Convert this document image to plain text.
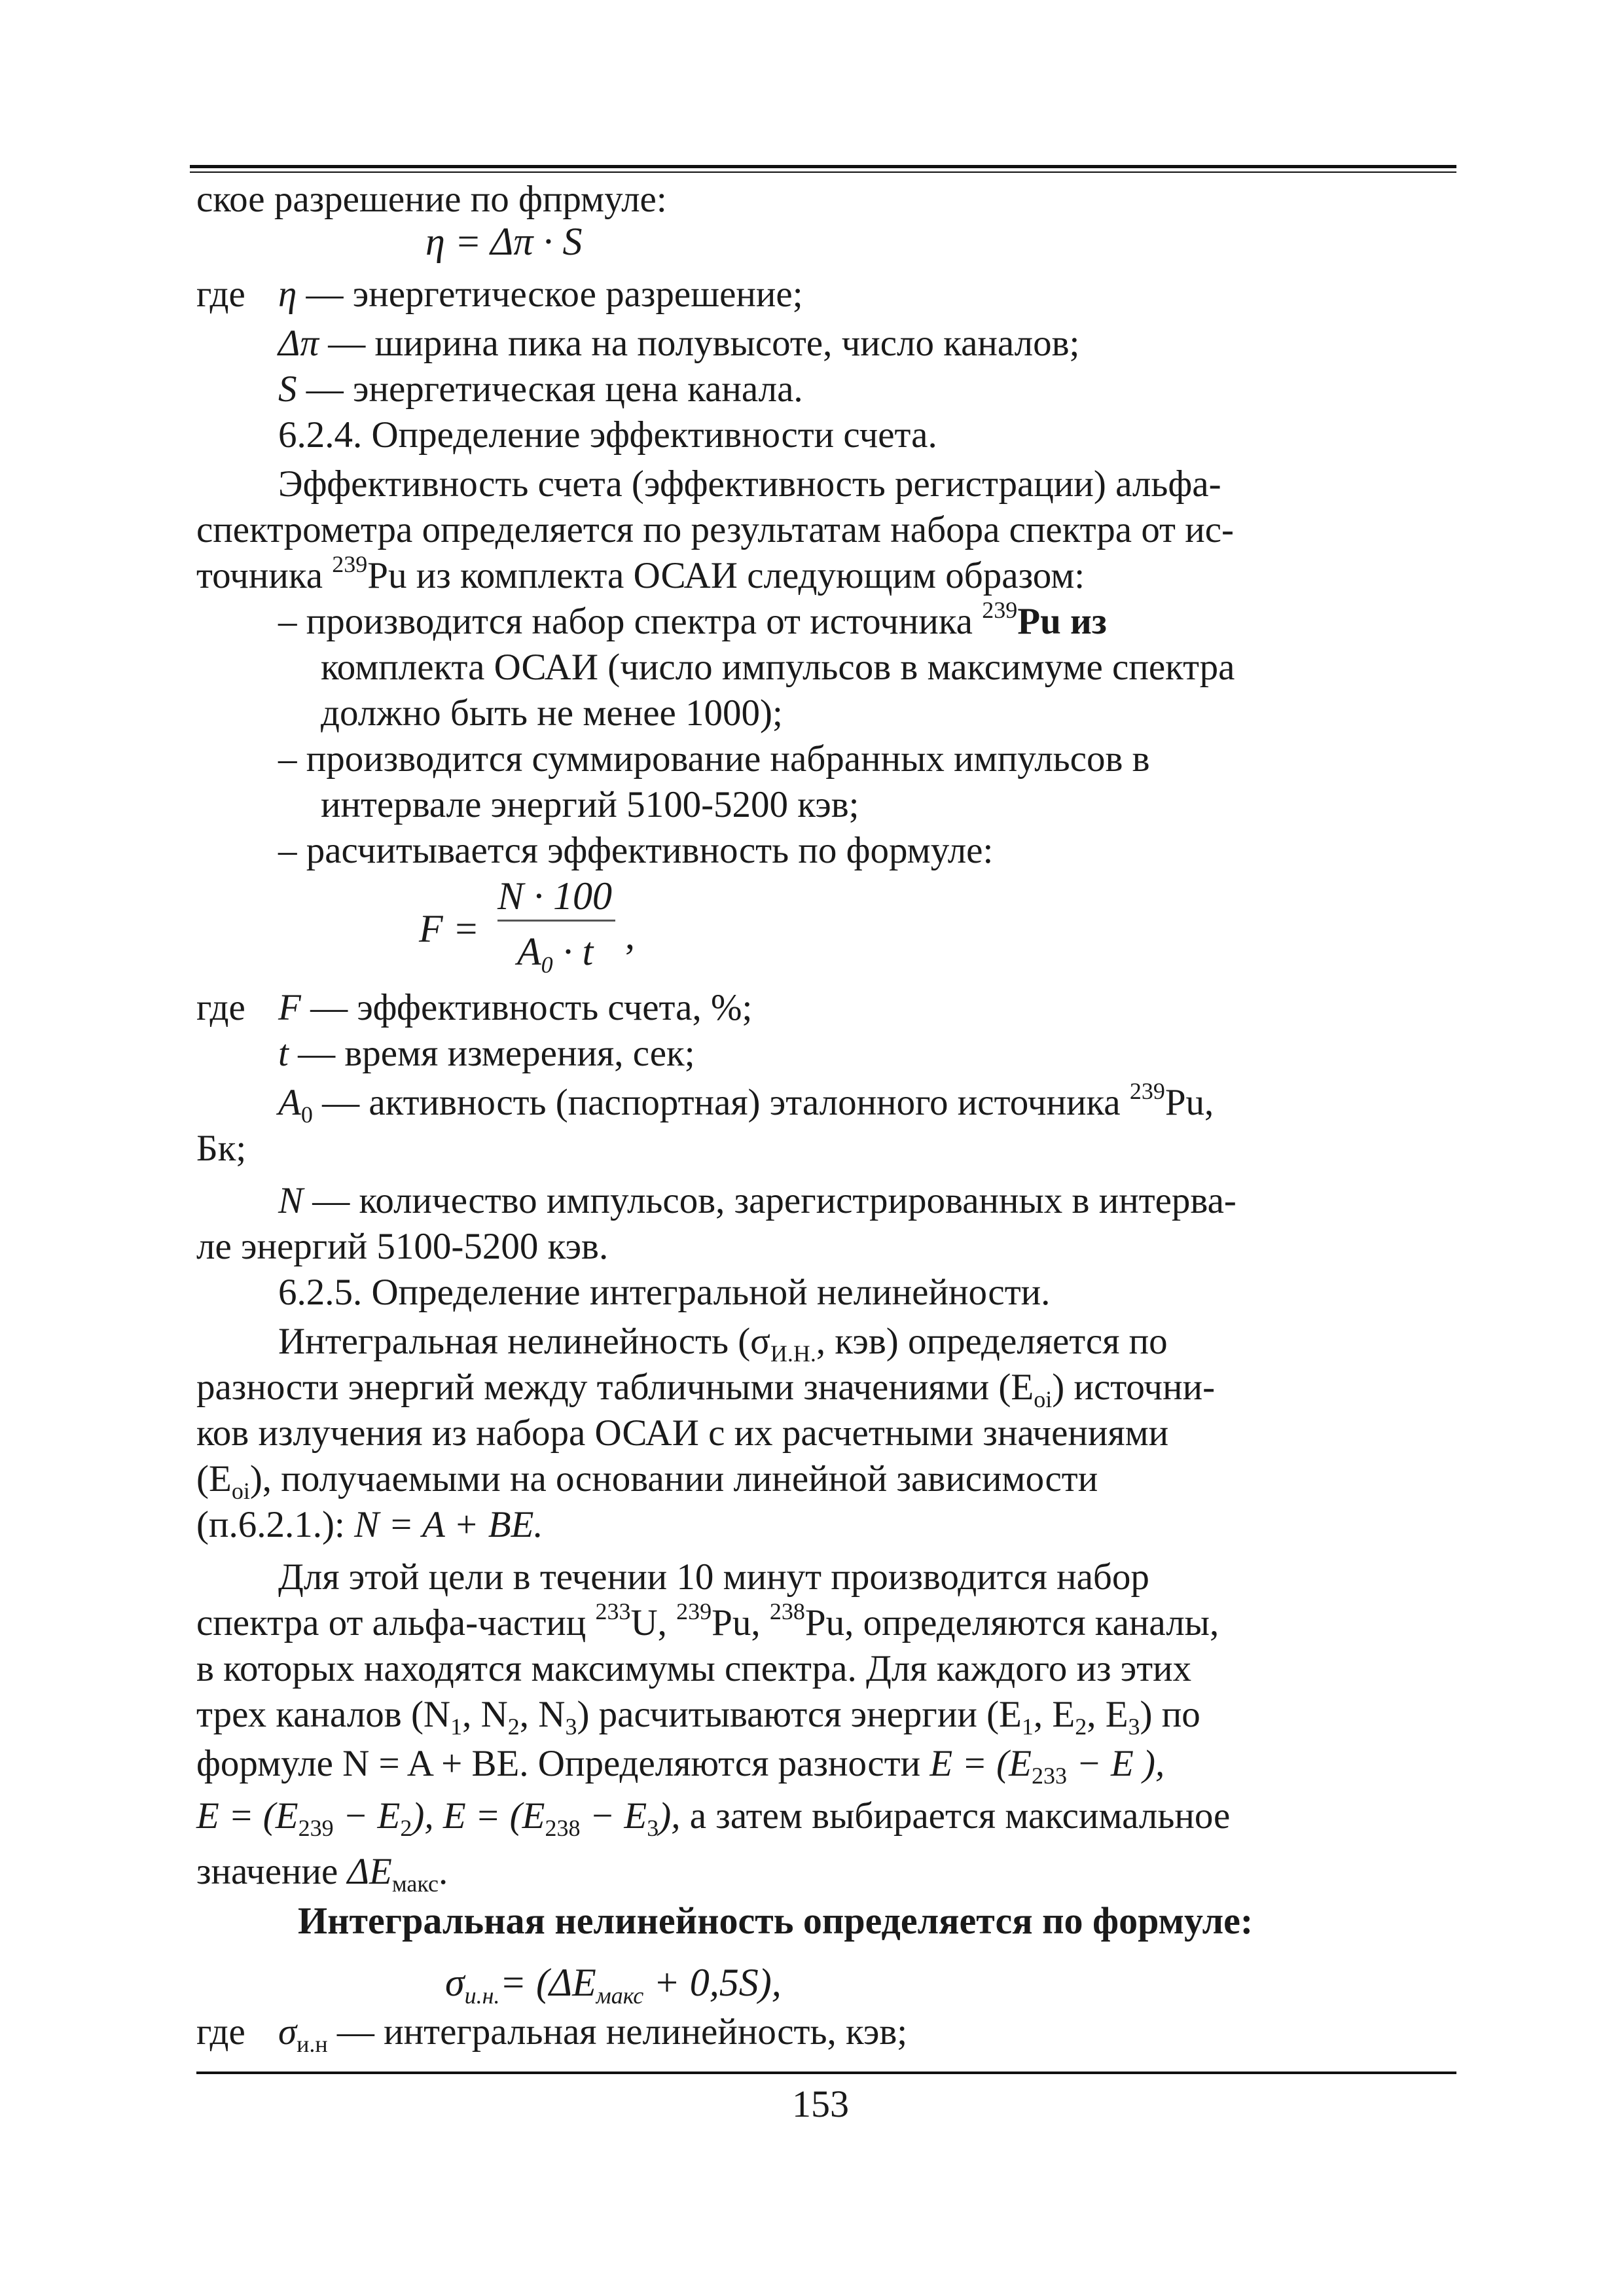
ское разрешение по фпрмуле:
η = Δπ · S
где η — энергетическое разрешение;
Δπ — ширина пика на полувысоте, число каналов;
S — энергетическая цена канала.
6.2.4. Определение эффективности счета.
Эффективность счета (эффективность регистрации) альфа-
спектрометра определяется по результатам набора спектра от ис-
точника $^{239}$Pu из комплекта ОСАИ следующим образом:
– производится набор спектра от источника $^{239}$Pu из
комплекта ОСАИ (число импульсов в максимуме спектра
должно быть не менее 1000);
– производится суммирование набранных импульсов в
интервале энергий 5100-5200 кэв;
– расчитывается эффективность по формуле:
F =
N · 100
$A_0 \cdot t$ ,
где F — эффективность счета, %;
t — время измерения, сек;
$A_0$ — активность (паспортная) эталонного источника $^{239}$Pu,
Бк;
N — количество импульсов, зарегистрированных в интерва-
ле энергий 5100-5200 кэв.
6.2.5. Определение интегральной нелинейности.
Интегральная нелинейность ($\sigma_{И.Н.}$, кэв) определяется по
разности энергий между табличными значениями $(E_{oi})$ источни-
ков излучения из набора ОСАИ с их расчетными значениями
$(E_{oi})$, получаемыми на основании линейной зависимости
(п.6.2.1.): N = A + BE.
Для этой цели в течении 10 минут производится набор
спектра от альфа-частиц $^{233}$U, $^{239}$Pu, $^{238}$Pu, определяются каналы,
в которых находятся максимумы спектра. Для каждого из этих
трех каналов ($N_1$, $N_2$, $N_3$) расчитываются энергии ($E_1$, $E_2$, $E_3$) по
формуле N = A + BE. Определяются разности $E = (E_{233} - E$ ),
$E = (E_{239} - E_2)$, $E = (E_{238} - E_3)$, а затем выбирается максимальное
значение $\Delta E_{макс}$.
Интегральная нелинейность определяется по формуле:
$\sigma_{и.н.}= (\Delta E_{макс} + 0,5S)$,
где $\sigma_{и.н}$ — интегральная нелинейность, кэв;
153
